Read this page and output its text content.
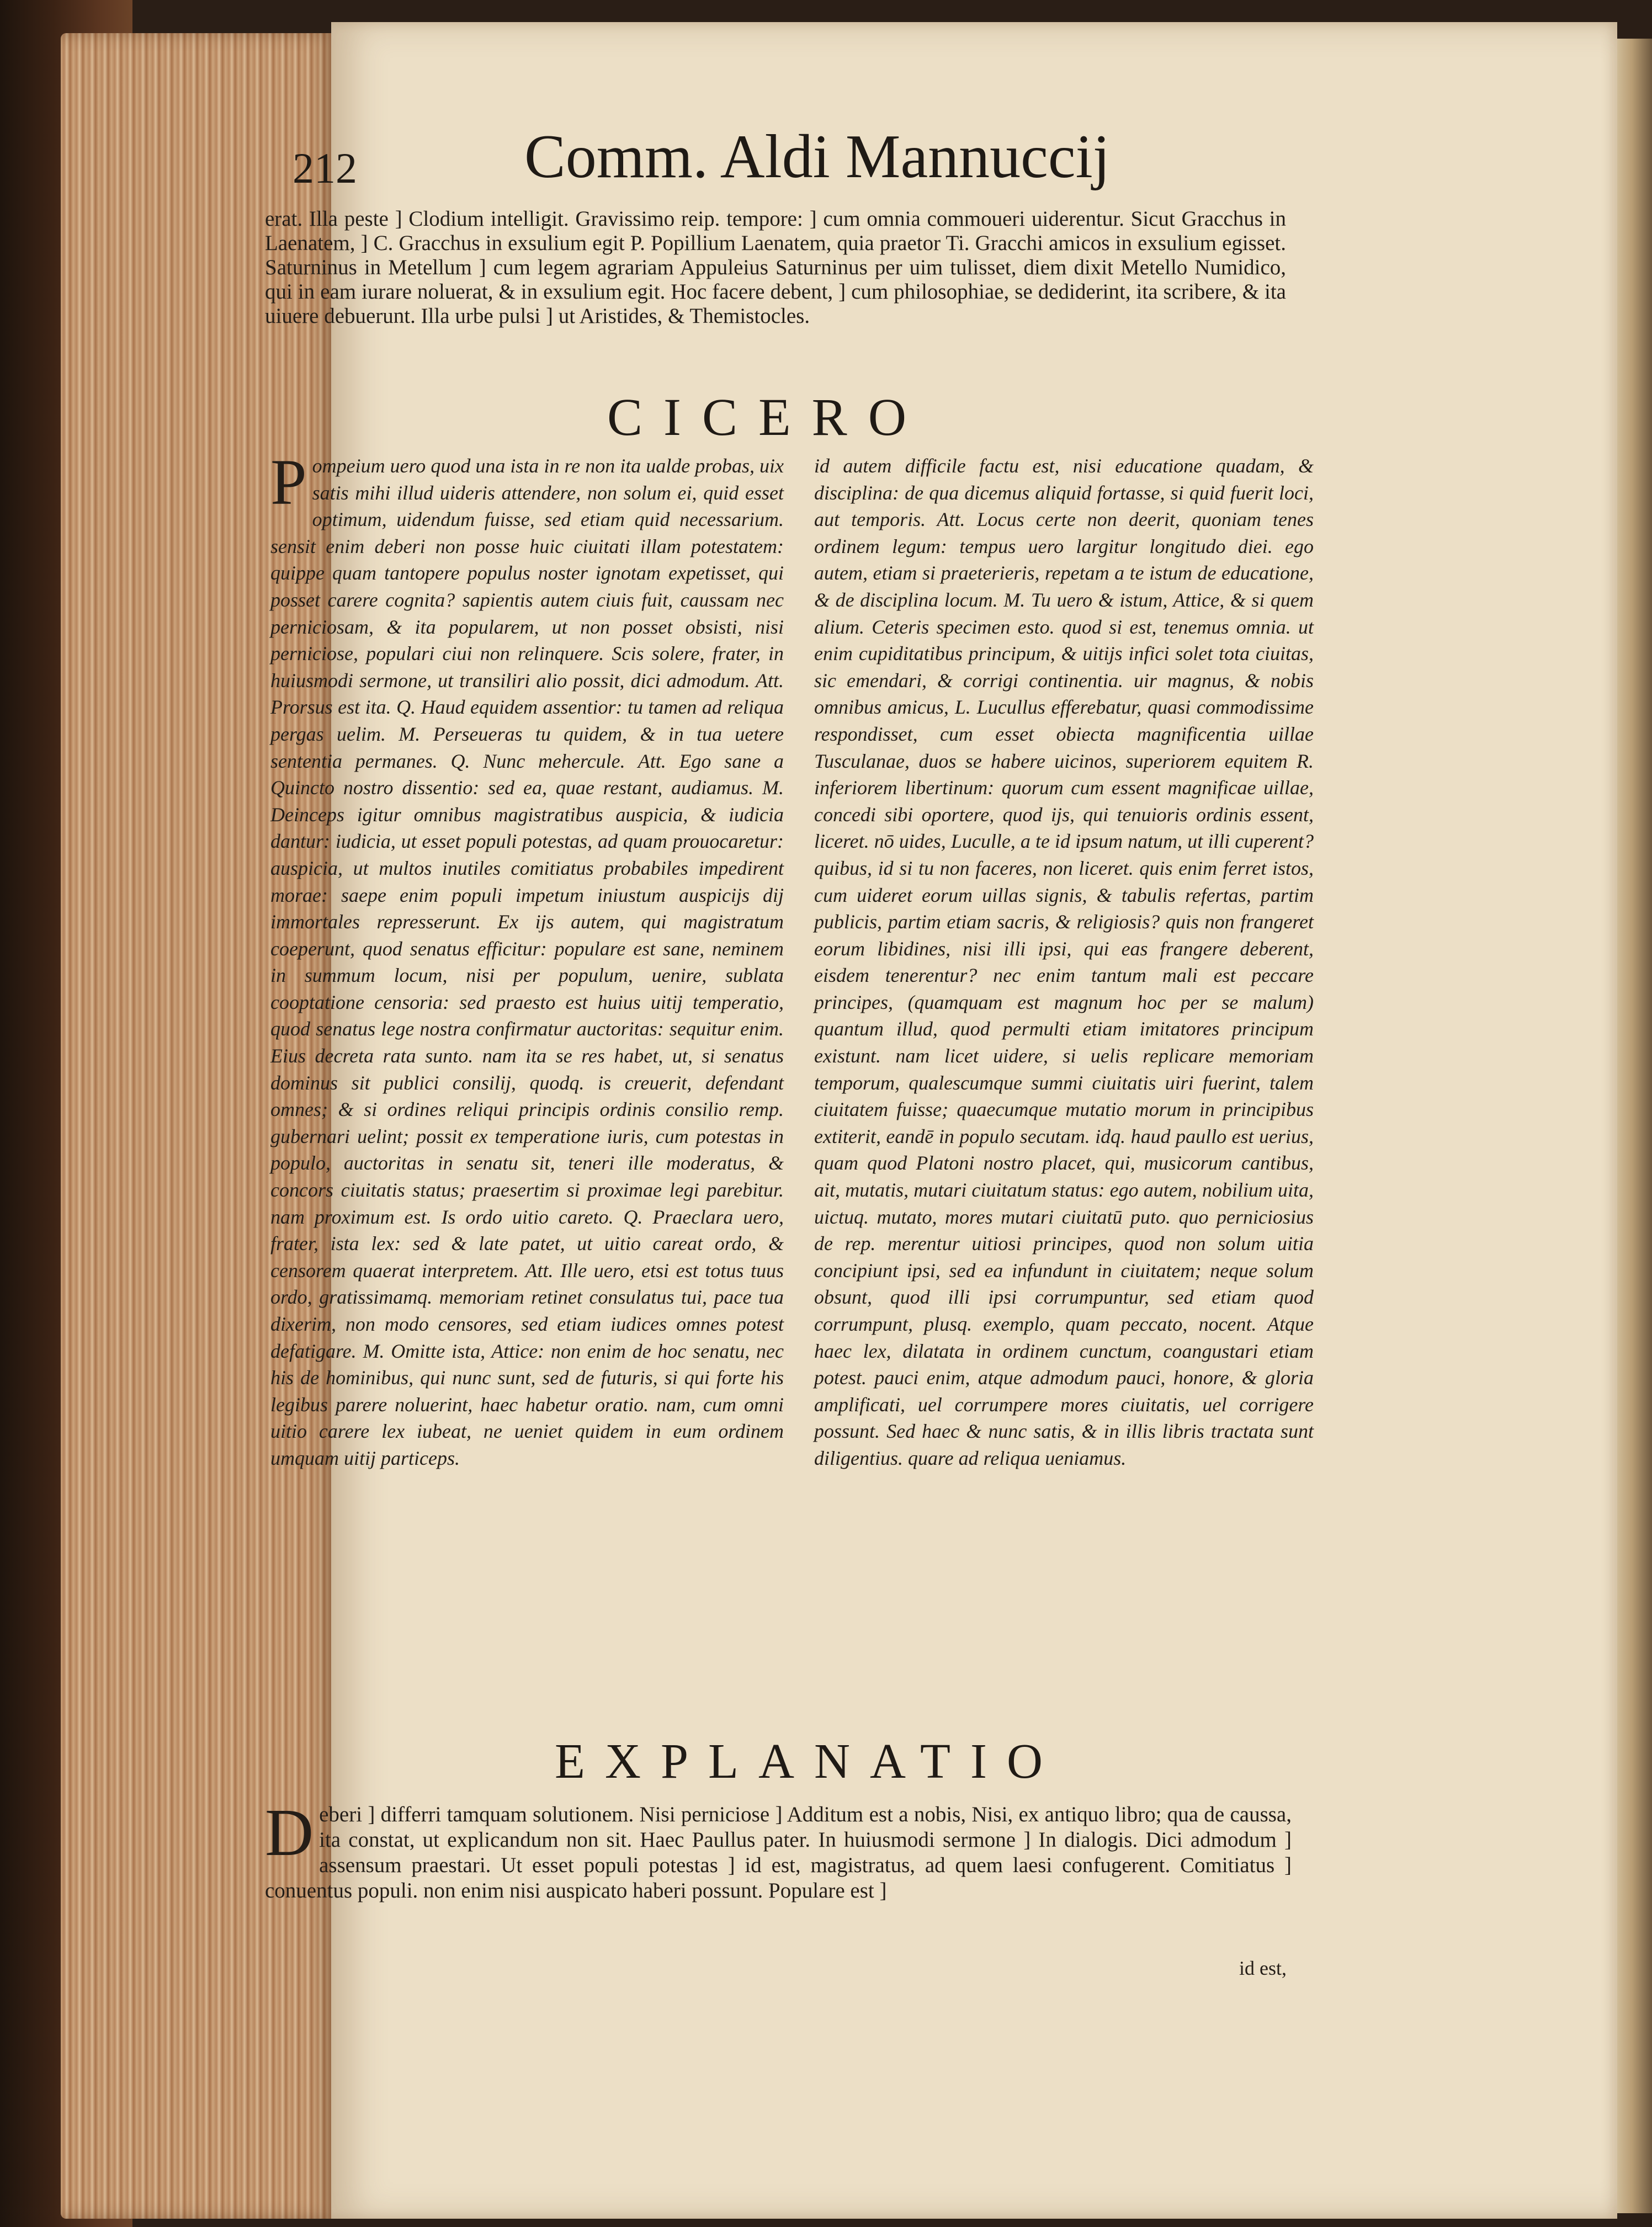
212	Comm. Aldi Mannuccij
erat. Illa peste ] Clodium intelligit. Gravissimo reip. tempore: ] cum omnia commoueri uiderentur. Sicut Gracchus in Laenatem, ] C. Gracchus in exsulium egit P. Popillium Laenatem, quia praetor Ti. Gracchi amicos in exsulium egisset. Saturninus in Metellum ] cum legem agrariam Appuleius Saturninus per uim tulisset, diem dixit Metello Numidico, qui in eam iurare noluerat, & in exsulium egit. Hoc facere debent, ] cum philosophiae, se dediderint, ita scribere, & ita uiuere debuerunt. Illa urbe pulsi ] ut Aristides, & Themistocles.
CICERO
P ompeium uero quod una ista in re non ita ualde probas, uix satis mihi illud uideris attendere, non solum ei, quid esset optimum, uidendum fuisse, sed etiam quid necessarium. sensit enim deberi non posse huic ciuitati illam potestatem: quippe quam tantopere populus noster ignotam expetisset, qui posset carere cognita? sapientis autem ciuis fuit, caussam nec perniciosam, & ita popularem, ut non posset obsisti, nisi perniciose, populari ciui non relinquere. Scis solere, frater, in huiusmodi sermone, ut transiliri alio possit, dici admodum. Att. Prorsus est ita. Q. Haud equidem assentior: tu tamen ad reliqua pergas uelim. M. Perseueras tu quidem, & in tua uetere sententia permanes. Q. Nunc mehercule. Att. Ego sane a Quincto nostro dissentio: sed ea, quae restant, audiamus. M. Deinceps igitur omnibus magistratibus auspicia, & iudicia dantur: iudicia, ut esset populi potestas, ad quam prouocaretur: auspicia, ut multos inutiles comitiatus probabiles impedirent morae: saepe enim populi impetum iniustum auspicijs dij immortales represserunt. Ex ijs autem, qui magistratum coeperunt, quod senatus efficitur: populare est sane, neminem in summum locum, nisi per populum, uenire, sublata cooptatione censoria: sed praesto est huius uitij temperatio, quod senatus lege nostra confirmatur auctoritas: sequitur enim. Eius decreta rata sunto. nam ita se res habet, ut, si senatus dominus sit publici consilij, quodq. is creuerit, defendant omnes; & si ordines reliqui principis ordinis consilio remp. gubernari uelint; possit ex temperatione iuris, cum potestas in populo, auctoritas in senatu sit, teneri ille moderatus, & concors ciuitatis status; praesertim si proximae legi parebitur. nam proximum est. Is ordo uitio careto. Q. Praeclara uero, frater, ista lex: sed & late patet, ut uitio careat ordo, & censorem quaerat interpretem. Att. Ille uero, etsi est totus tuus ordo, gratissimamq. memoriam retinet consulatus tui, pace tua dixerim, non modo censores, sed etiam iudices omnes potest defatigare. M. Omitte ista, Attice: non enim de hoc senatu, nec his de hominibus, qui nunc sunt, sed de futuris, si qui forte his legibus parere noluerint, haec habetur oratio. nam, cum omni uitio carere lex iubeat, ne ueniet quidem in eum ordinem umquam uitij particeps.
id autem difficile factu est, nisi educatione quadam, & disciplina: de qua dicemus aliquid fortasse, si quid fuerit loci, aut temporis. Att. Locus certe non deerit, quoniam tenes ordinem legum: tempus uero largitur longitudo diei. ego autem, etiam si praeterieris, repetam a te istum de educatione, & de disciplina locum. M. Tu uero & istum, Attice, & si quem alium. Ceteris specimen esto. quod si est, tenemus omnia. ut enim cupiditatibus principum, & uitijs infici solet tota ciuitas, sic emendari, & corrigi continentia. uir magnus, & nobis omnibus amicus, L. Lucullus efferebatur, quasi commodissime respondisset, cum esset obiecta magnificentia uillae Tusculanae, duos se habere uicinos, superiorem equitem R. inferiorem libertinum: quorum cum essent magnificae uillae, concedi sibi oportere, quod ijs, qui tenuioris ordinis essent, liceret. nō uides, Luculle, a te id ipsum natum, ut illi cuperent? quibus, id si tu non faceres, non liceret. quis enim ferret istos, cum uideret eorum uillas signis, & tabulis refertas, partim publicis, partim etiam sacris, & religiosis? quis non frangeret eorum libidines, nisi illi ipsi, qui eas frangere deberent, eisdem tenerentur? nec enim tantum mali est peccare principes, (quamquam est magnum hoc per se malum) quantum illud, quod permulti etiam imitatores principum existunt. nam licet uidere, si uelis replicare memoriam temporum, qualescumque summi ciuitatis uiri fuerint, talem ciuitatem fuisse; quaecumque mutatio morum in principibus extiterit, eandē in populo secutam. idq. haud paullo est uerius, quam quod Platoni nostro placet, qui, musicorum cantibus, ait, mutatis, mutari ciuitatum status: ego autem, nobilium uita, uictuq. mutato, mores mutari ciuitatū puto. quo perniciosius de rep. merentur uitiosi principes, quod non solum uitia concipiunt ipsi, sed ea infundunt in ciuitatem; neque solum obsunt, quod illi ipsi corrumpuntur, sed etiam quod corrumpunt, plusq. exemplo, quam peccato, nocent. Atque haec lex, dilatata in ordinem cunctum, coangustari etiam potest. pauci enim, atque admodum pauci, honore, & gloria amplificati, uel corrumpere mores ciuitatis, uel corrigere possunt. Sed haec & nunc satis, & in illis libris tractata sunt diligentius. quare ad reliqua ueniamus.
EXPLANATIO
D eberi ] differri tamquam solutionem. Nisi perniciose ] Additum est a nobis, Nisi, ex antiquo libro; qua de caussa, ita constat, ut explicandum non sit. Haec Paullus pater. In huiusmodi sermone ] In dialogis. Dici admodum ] assensum praestari. Ut esset populi potestas ] id est, magistratus, ad quem laesi confugerent. Comitiatus ] conuentus populi. non enim nisi auspicato haberi possunt. Populare est ]
id est,
